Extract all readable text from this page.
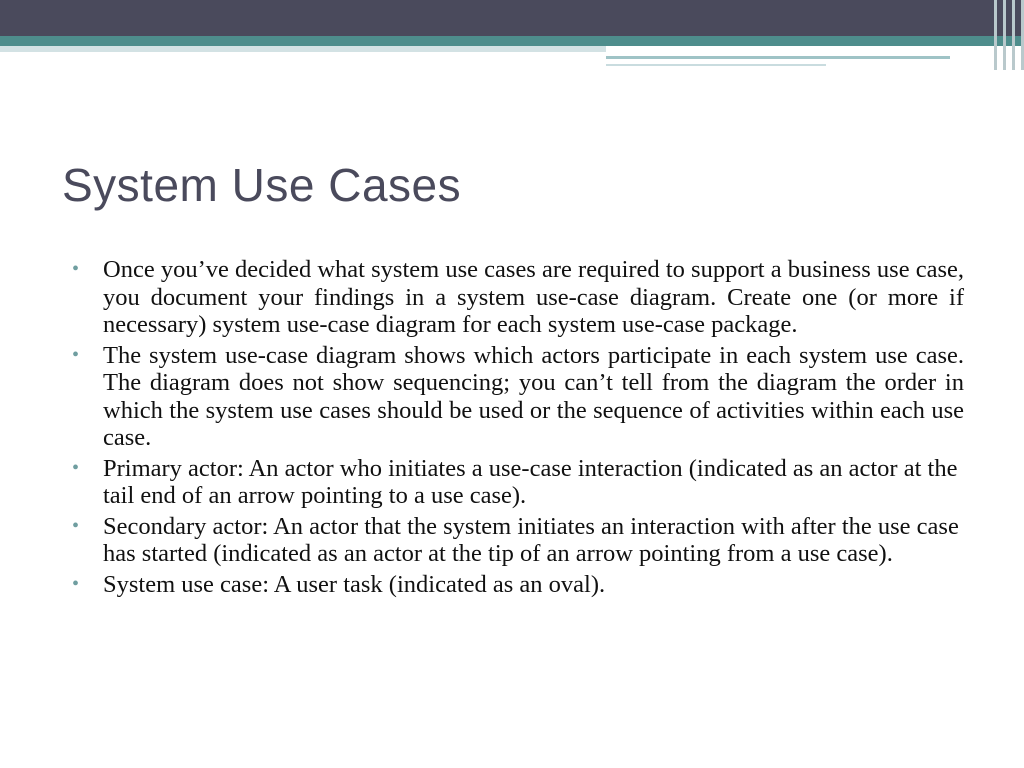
System Use Cases
• Once you’ve decided what system use cases are required to support a business use case, you document your findings in a system use-case diagram. Create one (or more if necessary) system use-case diagram for each system use-case package.
• The system use-case diagram shows which actors participate in each system use case. The diagram does not show sequencing; you can’t tell from the diagram the order in which the system use cases should be used or the sequence of activities within each use case.
• Primary actor: An actor who initiates a use-case interaction (indicated as an actor at the tail end of an arrow pointing to a use case).
• Secondary actor: An actor that the system initiates an interaction with after the use case has started (indicated as an actor at the tip of an arrow pointing from a use case).
• System use case: A user task (indicated as an oval).
